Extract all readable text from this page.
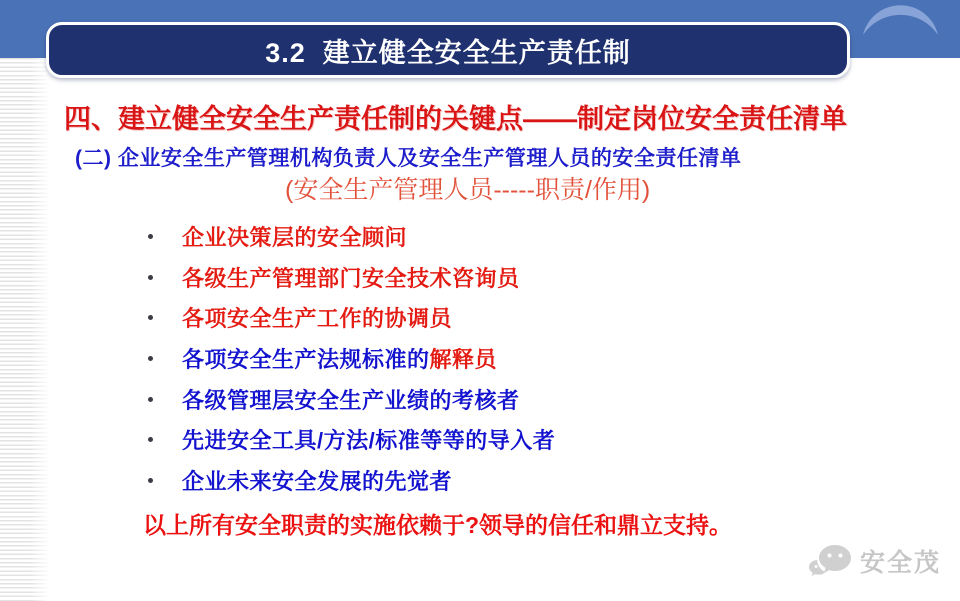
3.2  建立健全安全生产责任制
四、建立健全安全生产责任制的关键点——制定岗位安全责任清单
(二) 企业安全生产管理机构负责人及安全生产管理人员的安全责任清单
(安全生产管理人员-----职责/作用)
企业决策层的安全顾问
各级生产管理部门安全技术咨询员
各项安全生产工作的协调员
各项安全生产法规标准的 解释员
各级管理层安全生产业绩的考核者
先进安全工具/方法/标准等等的导入者
企业未来安全发展的先觉者
以上所有安全职责的实施依赖于?领导的信任和鼎立支持。
安全茂
